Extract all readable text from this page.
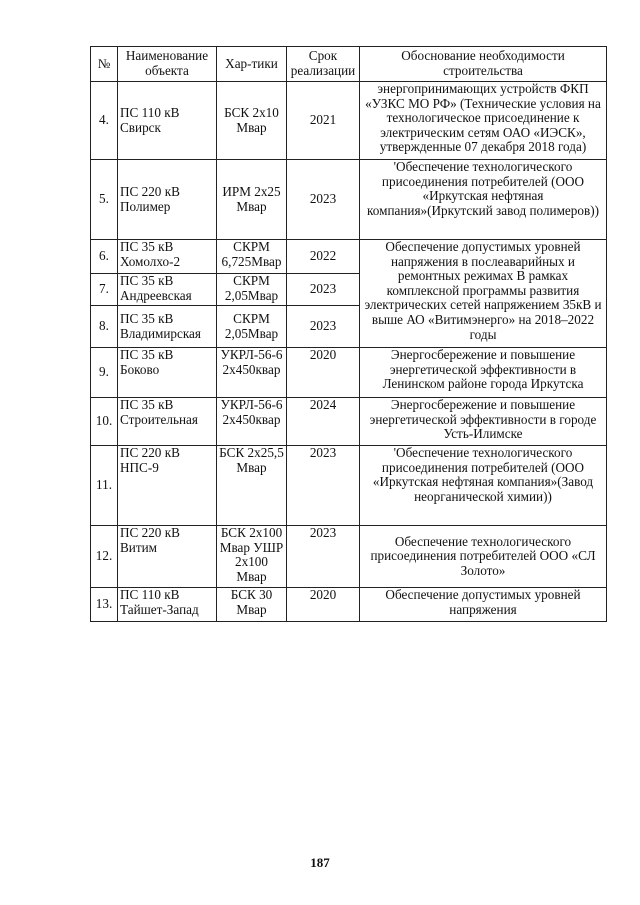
№	Наименование объекта	Хар-тики	Срок реализации	Обоснование необходимости строительства
4.	ПС 110 кВ Свирск	БСК 2х10 Мвар	2021	энергопринимающих устройств ФКП «УЗКС МО РФ» (Технические условия на технологическое присоединение к электрическим сетям ОАО «ИЭСК», утвержденные 07 декабря 2018 года)
5.	ПС 220 кВ Полимер	ИРМ 2х25 Мвар	2023	'Обеспечение технологического присоединения потребителей (ООО «Иркутская нефтяная компания»(Иркутский завод полимеров))
6.	ПС 35 кВ Хомолхо-2	СКРМ 6,725Мвар	2022	Обеспечение допустимых уровней напряжения в послеаварийных и ремонтных режимах В рамках комплексной программы развития электрических сетей напряжением 35кВ и выше АО «Витимэнерго» на 2018–2022 годы
7.	ПС 35 кВ Андреевская	СКРМ 2,05Мвар	2023	
8.	ПС 35 кВ Владимирская	СКРМ 2,05Мвар	2023	
9.	ПС 35 кВ Боково	УКРЛ-56-6 2х450квар	2020	Энергосбережение и повышение энергетической эффективности в Ленинском районе города Иркутска
10.	ПС 35 кВ Строительная	УКРЛ-56-6 2х450квар	2024	Энергосбережение и повышение энергетической эффективности в городе Усть-Илимске
11.	ПС 220 кВ НПС-9	БСК 2х25,5 Мвар	2023	'Обеспечение технологического присоединения потребителей (ООО «Иркутская нефтяная компания»(Завод неорганической химии))
12.	ПС 220 кВ Витим	БСК 2х100 Мвар УШР 2х100 Мвар	2023	Обеспечение технологического присоединения потребителей ООО «СЛ Золото»
13.	ПС 110 кВ Тайшет-Запад	БСК 30 Мвар	2020	Обеспечение допустимых уровней напряжения
187
